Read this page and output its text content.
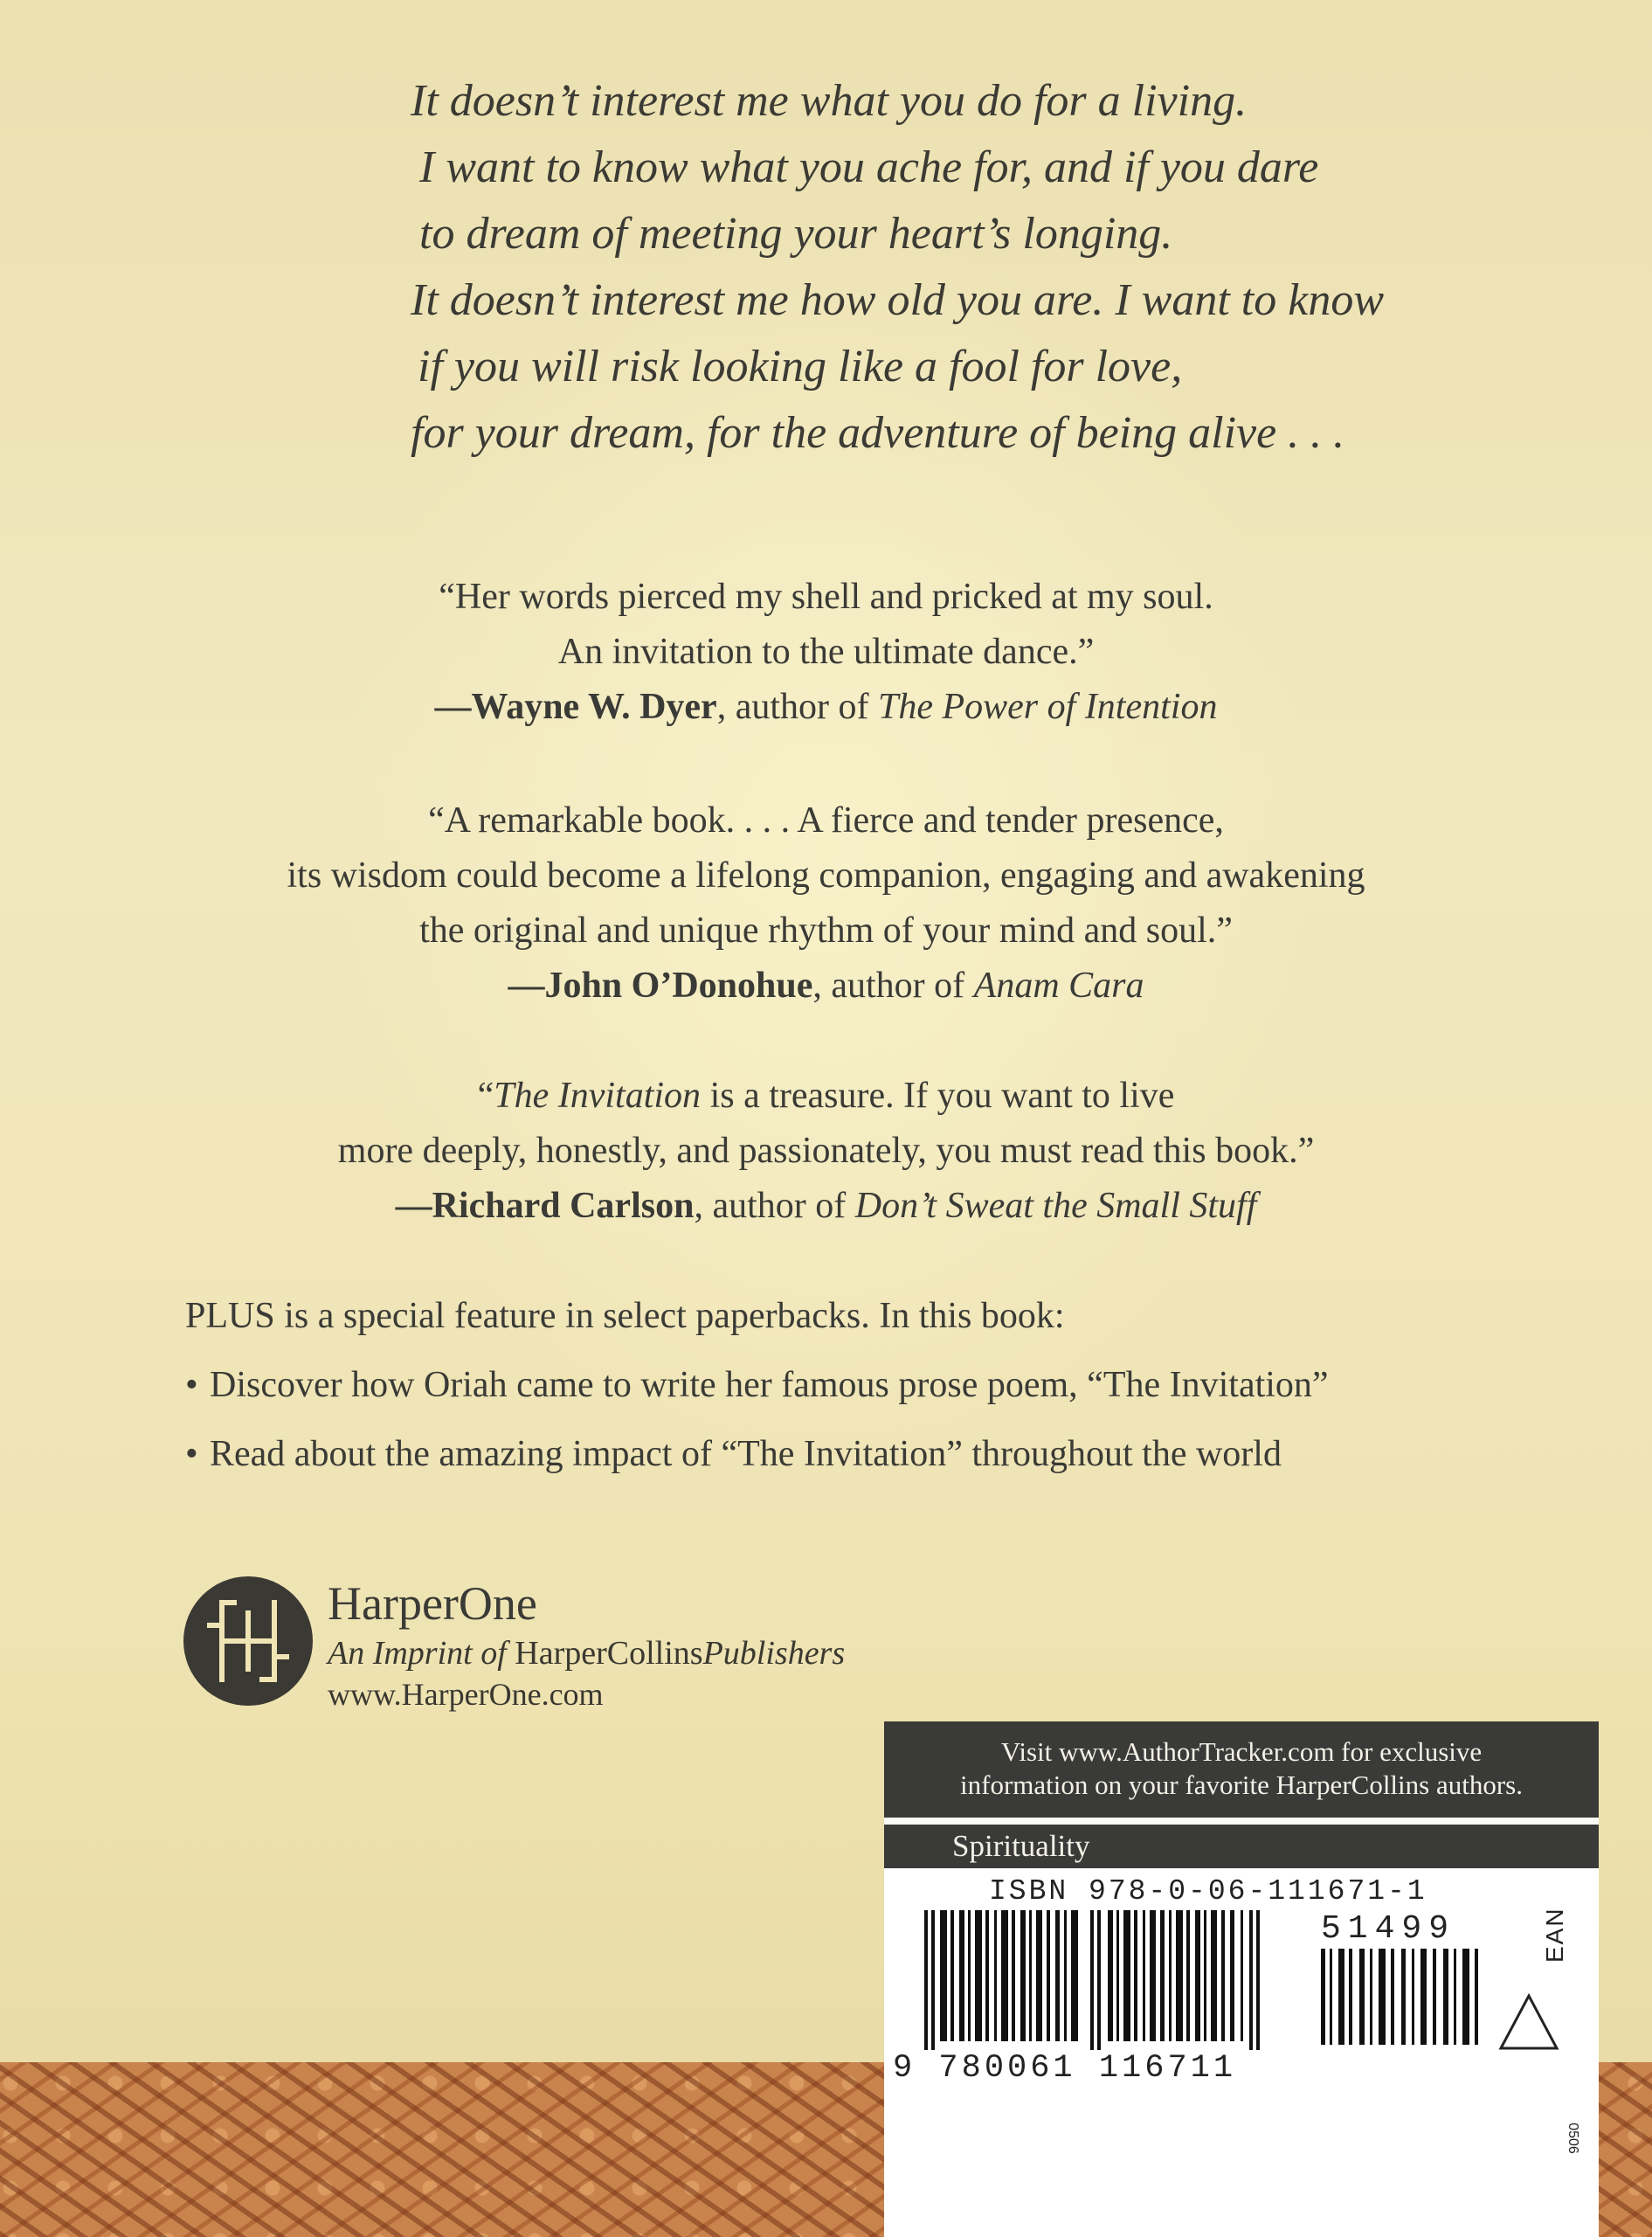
It doesn’t interest me what you do for a living.
I want to know what you ache for, and if you dare
to dream of meeting your heart’s longing.
It doesn’t interest me how old you are. I want to know
if you will risk looking like a fool for love,
for your dream, for the adventure of being alive . . .
“Her words pierced my shell and pricked at my soul.
An invitation to the ultimate dance.”
—Wayne W. Dyer, author of The Power of Intention
“A remarkable book. . . . A fierce and tender presence,
its wisdom could become a lifelong companion, engaging and awakening
the original and unique rhythm of your mind and soul.”
—John O’Donohue, author of Anam Cara
“The Invitation is a treasure. If you want to live
more deeply, honestly, and passionately, you must read this book.”
—Richard Carlson, author of Don’t Sweat the Small Stuff
PLUS is a special feature in select paperbacks. In this book:
• Discover how Oriah came to write her famous prose poem, “The Invitation”
• Read about the amazing impact of “The Invitation” throughout the world
HarperOne
An Imprint of HarperCollinsPublishers
www.HarperOne.com
Visit www.AuthorTracker.com for exclusive
information on your favorite HarperCollins authors.
Spirituality
ISBN 978-0-06-111671-1
51499	EAN
9 780061 116711
0506
